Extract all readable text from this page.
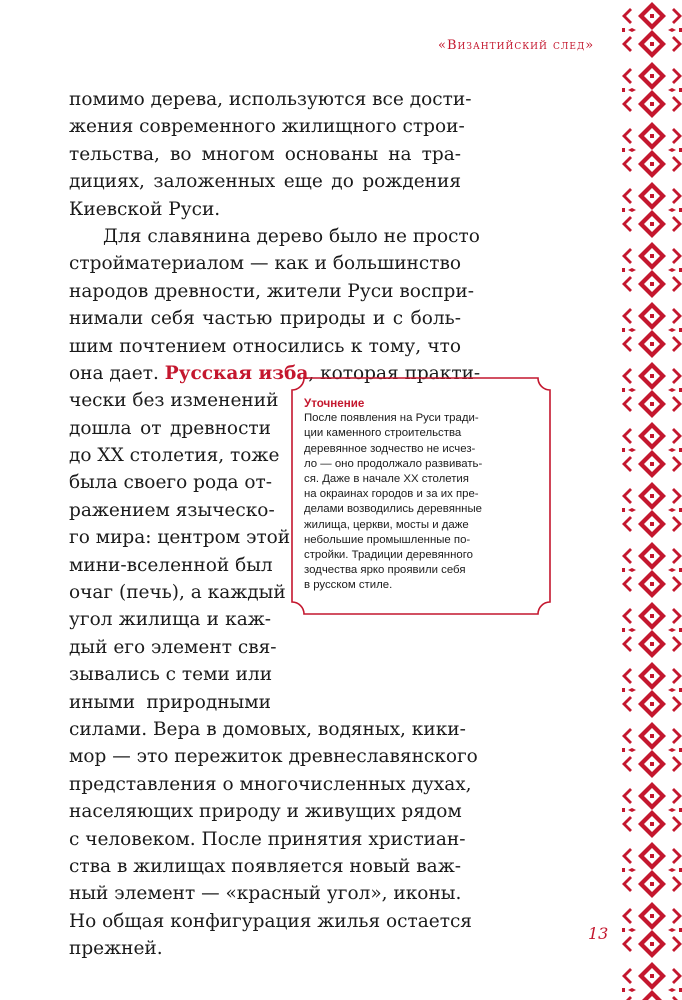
«Византийский след»
помимо дерева, используются все дости-
жения современного жилищного строи-
тельства, во многом основаны на тра-
дициях, заложенных еще до рождения
Киевской Руси.
Для славянина дерево было не просто
стройматериалом — как и большинство
народов древности, жители Руси воспри-
нимали себя частью природы и с боль-
шим почтением относились к тому, что
она дает. Русская изба, которая практи-
чески без изменений
дошла от древности
до XX столетия, тоже
была своего рода от-
ражением языческо-
го мира: центром этой
мини-вселенной был
очаг (печь), а каждый
угол жилища и каж-
дый его элемент свя-
зывались с теми или
иными природными
силами. Вера в домовых, водяных, кики-
мор — это пережиток древнеславянского
представления о многочисленных духах,
населяющих природу и живущих рядом
с человеком. После принятия христиан-
ства в жилищах появляется новый важ-
ный элемент — «красный угол», иконы.
Но общая конфигурация жилья остается
прежней.
Уточнение
После появления на Руси тради-
ции каменного строительства
деревянное зодчество не исчез-
ло — оно продолжало развивать-
ся. Даже в начале XX столетия
на окраинах городов и за их пре-
делами возводились деревянные
жилища, церкви, мосты и даже
небольшие промышленные по-
стройки. Традиции деревянного
зодчества ярко проявили себя
в русском стиле.
13
